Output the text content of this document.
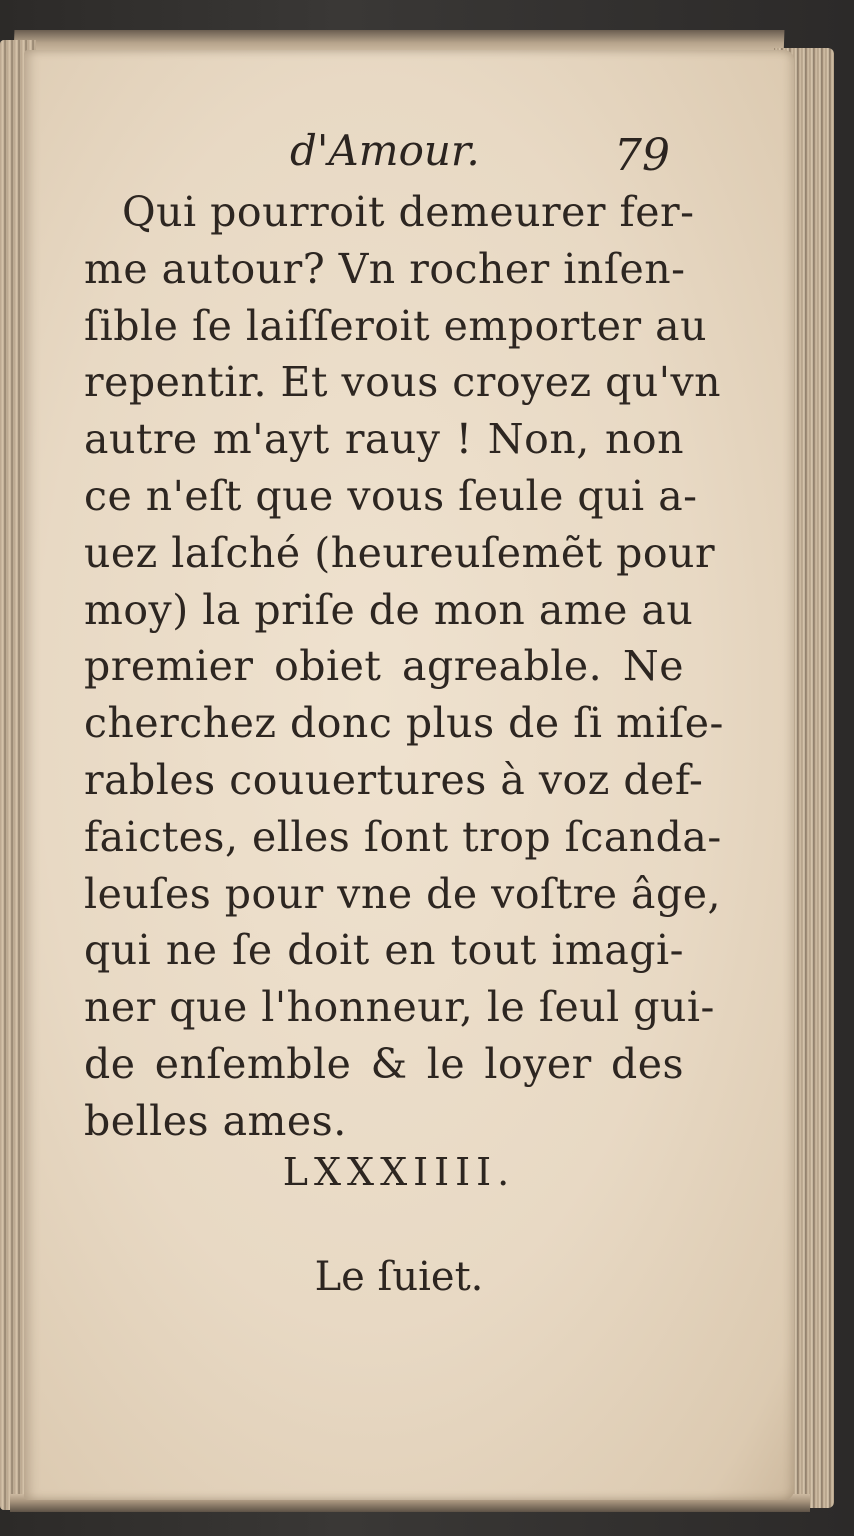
d'Amour.	79
Qui pourroit demeurer fer-
me autour? Vn rocher inſen-
ſible ſe laiſſeroit emporter au
repentir. Et vous croyez qu'vn
autre m'ayt rauy ! Non, non
ce n'eſt que vous ſeule qui a-
uez laſché (heureuſemẽt pour
moy) la priſe de mon ame au
premier obiet agreable. Ne
cherchez donc plus de ſi miſe-
rables couuertures à voz def-
faictes, elles ſont trop ſcanda-
leuſes pour vne de voſtre âge,
qui ne ſe doit en tout imagi-
ner que l'honneur, le ſeul gui-
de enſemble & le loyer des
belles ames.
LXXXIIII.
Le ſuiet.
